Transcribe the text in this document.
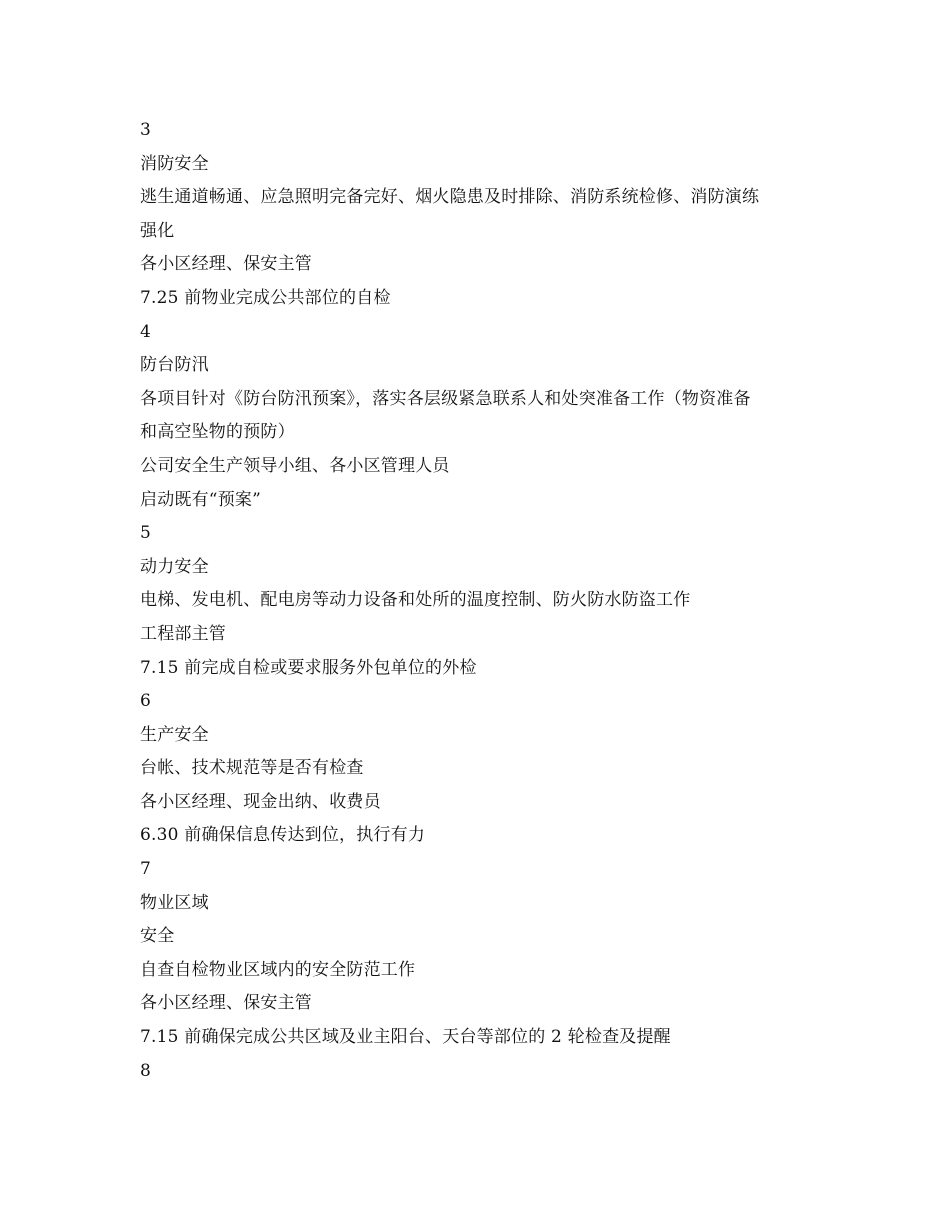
3
消防安全
逃生通道畅通、应急照明完备完好、烟火隐患及时排除、消防系统检修、消防演练
强化
各小区经理、保安主管
7.25 前物业完成公共部位的自检
4
防台防汛
各项目针对《防台防汛预案》，落实各层级紧急联系人和处突准备工作（物资准备
和高空坠物的预防）
公司安全生产领导小组、各小区管理人员
启动既有“预案”
5
动力安全
电梯、发电机、配电房等动力设备和处所的温度控制、防火防水防盗工作
工程部主管
7.15 前完成自检或要求服务外包单位的外检
6
生产安全
台帐、技术规范等是否有检查
各小区经理、现金出纳、收费员
6.30 前确保信息传达到位，执行有力
7
物业区域
安全
自查自检物业区域内的安全防范工作
各小区经理、保安主管
7.15 前确保完成公共区域及业主阳台、天台等部位的 2 轮检查及提醒
8
